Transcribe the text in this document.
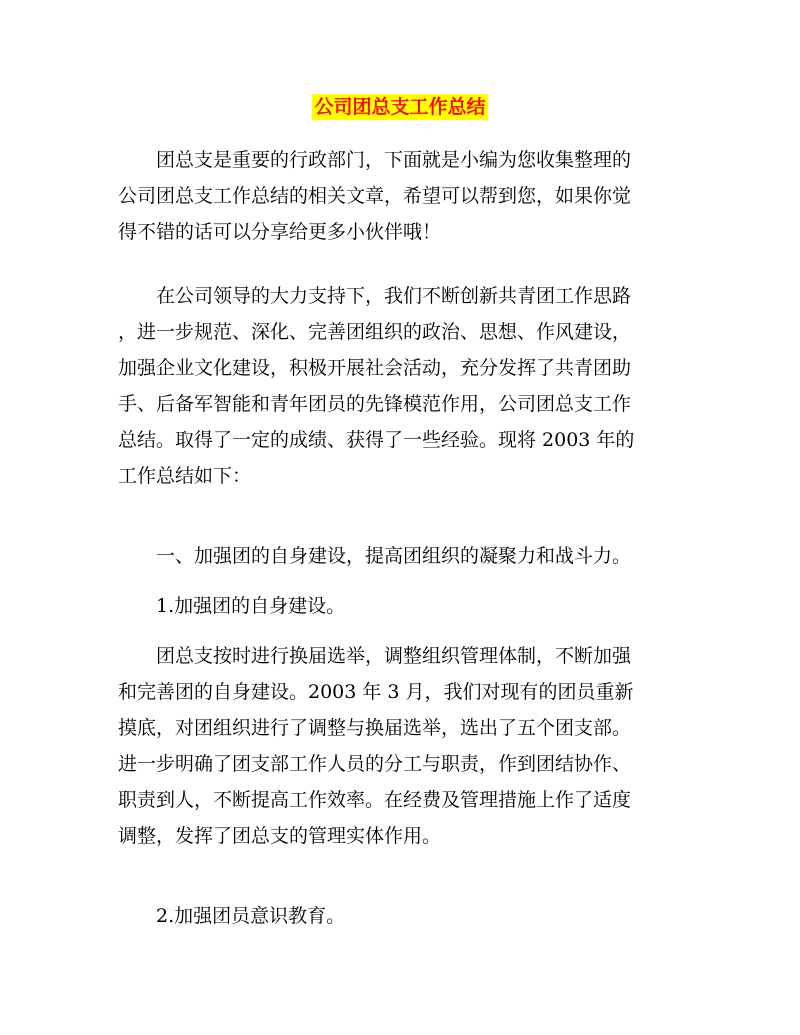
公司团总支工作总结
　　团总支是重要的行政部门，下面就是小编为您收集整理的
公司团总支工作总结的相关文章，希望可以帮到您，如果你觉
得不错的话可以分享给更多小伙伴哦！
　　在公司领导的大力支持下，我们不断创新共青团工作思路
，进一步规范、深化、完善团组织的政治、思想、作风建设，
加强企业文化建设，积极开展社会活动，充分发挥了共青团助
手、后备军智能和青年团员的先锋模范作用，公司团总支工作
总结。取得了一定的成绩、获得了一些经验。现将 2003 年的
工作总结如下：
　　一、加强团的自身建设，提高团组织的凝聚力和战斗力。
　　1.加强团的自身建设。
　　团总支按时进行换届选举，调整组织管理体制，不断加强
和完善团的自身建设。2003 年 3 月，我们对现有的团员重新
摸底，对团组织进行了调整与换届选举，选出了五个团支部。
进一步明确了团支部工作人员的分工与职责，作到团结协作、
职责到人，不断提高工作效率。在经费及管理措施上作了适度
调整，发挥了团总支的管理实体作用。
　　2.加强团员意识教育。
